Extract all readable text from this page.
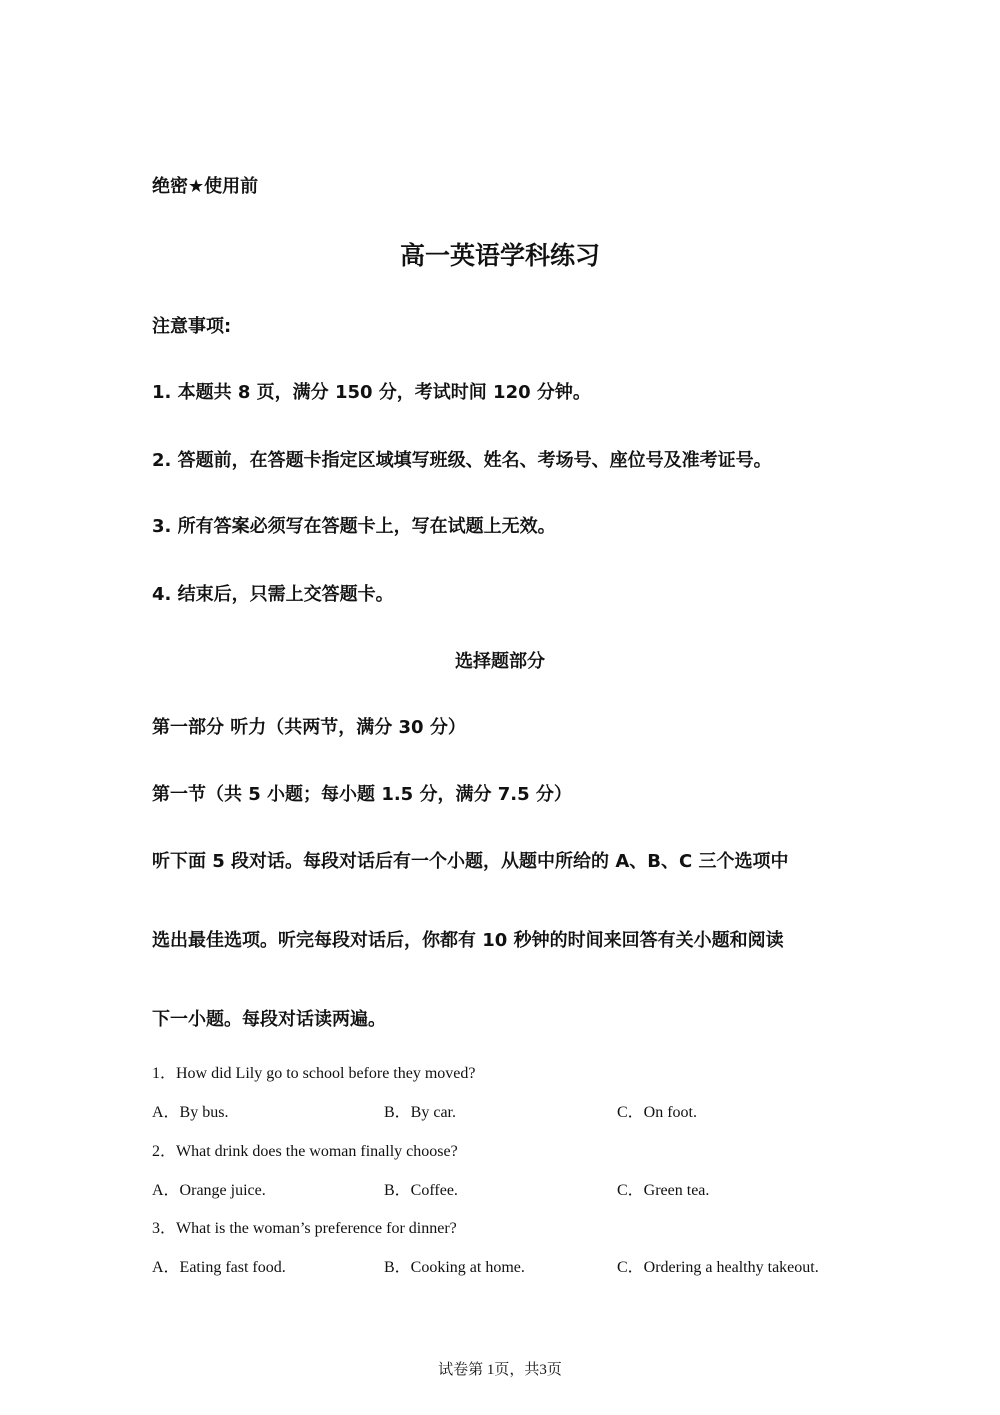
绝密★使用前
高一英语学科练习
注意事项:
1. 本题共 8 页，满分 150 分，考试时间 120 分钟。
2. 答题前，在答题卡指定区域填写班级、姓名、考场号、座位号及准考证号。
3. 所有答案必须写在答题卡上，写在试题上无效。
4. 结束后，只需上交答题卡。
选择题部分
第一部分 听力（共两节，满分 30 分）
第一节（共 5 小题；每小题 1.5 分，满分 7.5 分）
听下面 5 段对话。每段对话后有一个小题，从题中所给的 A、B、C 三个选项中
选出最佳选项。听完每段对话后，你都有 10 秒钟的时间来回答有关小题和阅读
下一小题。每段对话读两遍。
1．How did Lily go to school before they moved?
A．By bus.	B．By car.	C．On foot.
2．What drink does the woman finally choose?
A．Orange juice.	B．Coffee.	C．Green tea.
3．What is the woman’s preference for dinner?
A．Eating fast food.	B．Cooking at home.	C．Ordering a healthy takeout.
试卷第 1页，共3页
